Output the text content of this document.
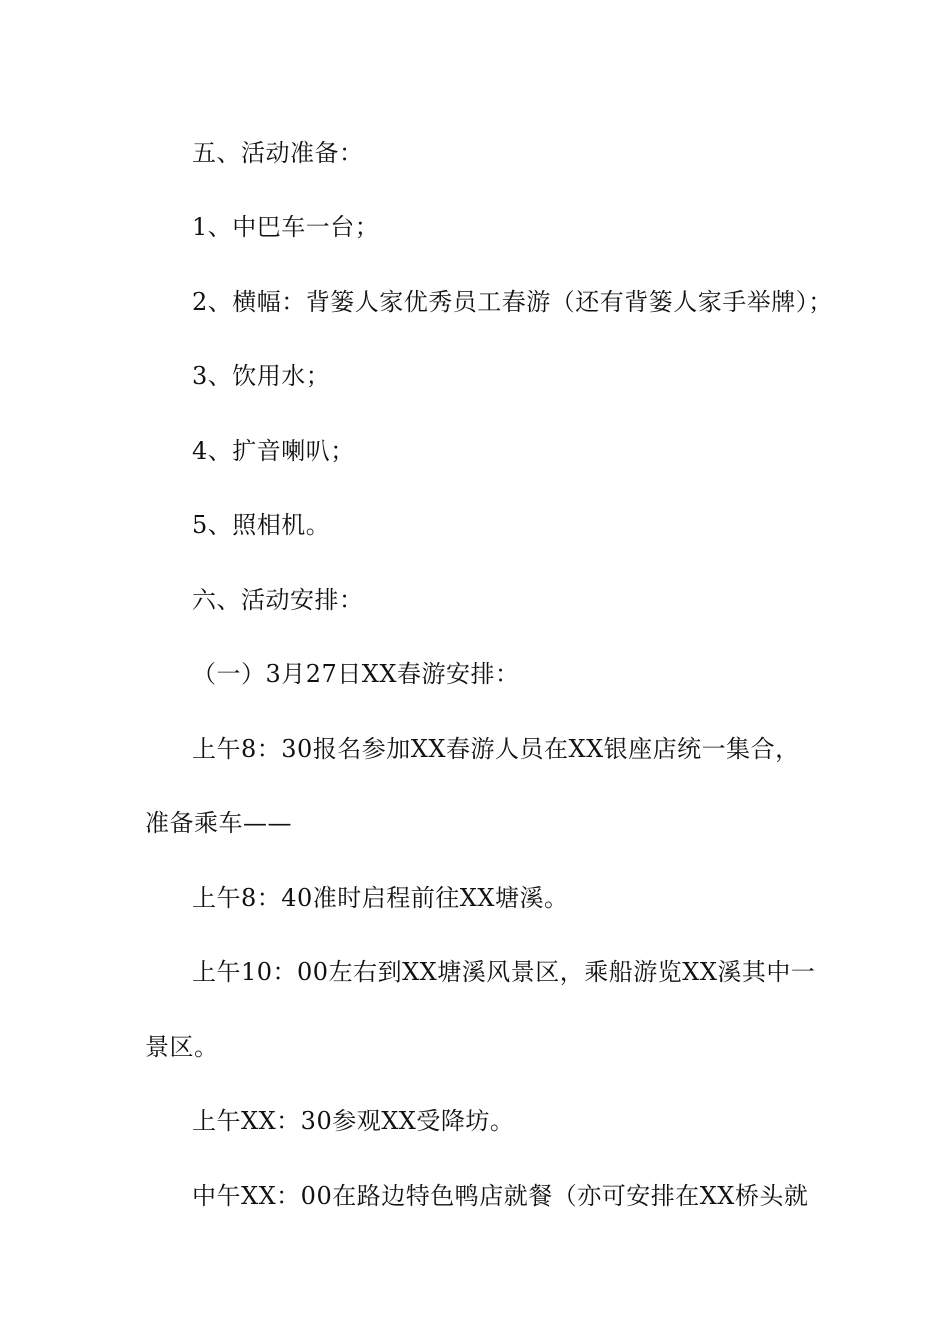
五、活动准备：
1、中巴车一台；
2、横幅：背篓人家优秀员工春游（还有背篓人家手举牌）；
3、饮用水；
4、扩音喇叭；
5、照相机。
六、活动安排：
（一）3月27日XX春游安排：
上午8：30报名参加XX春游人员在XX银座店统一集合，
准备乘车——
上午8：40准时启程前往XX塘溪。
上午10：00左右到XX塘溪风景区，乘船游览XX溪其中一
景区。
上午XX：30参观XX受降坊。
中午XX：00在路边特色鸭店就餐（亦可安排在XX桥头就
